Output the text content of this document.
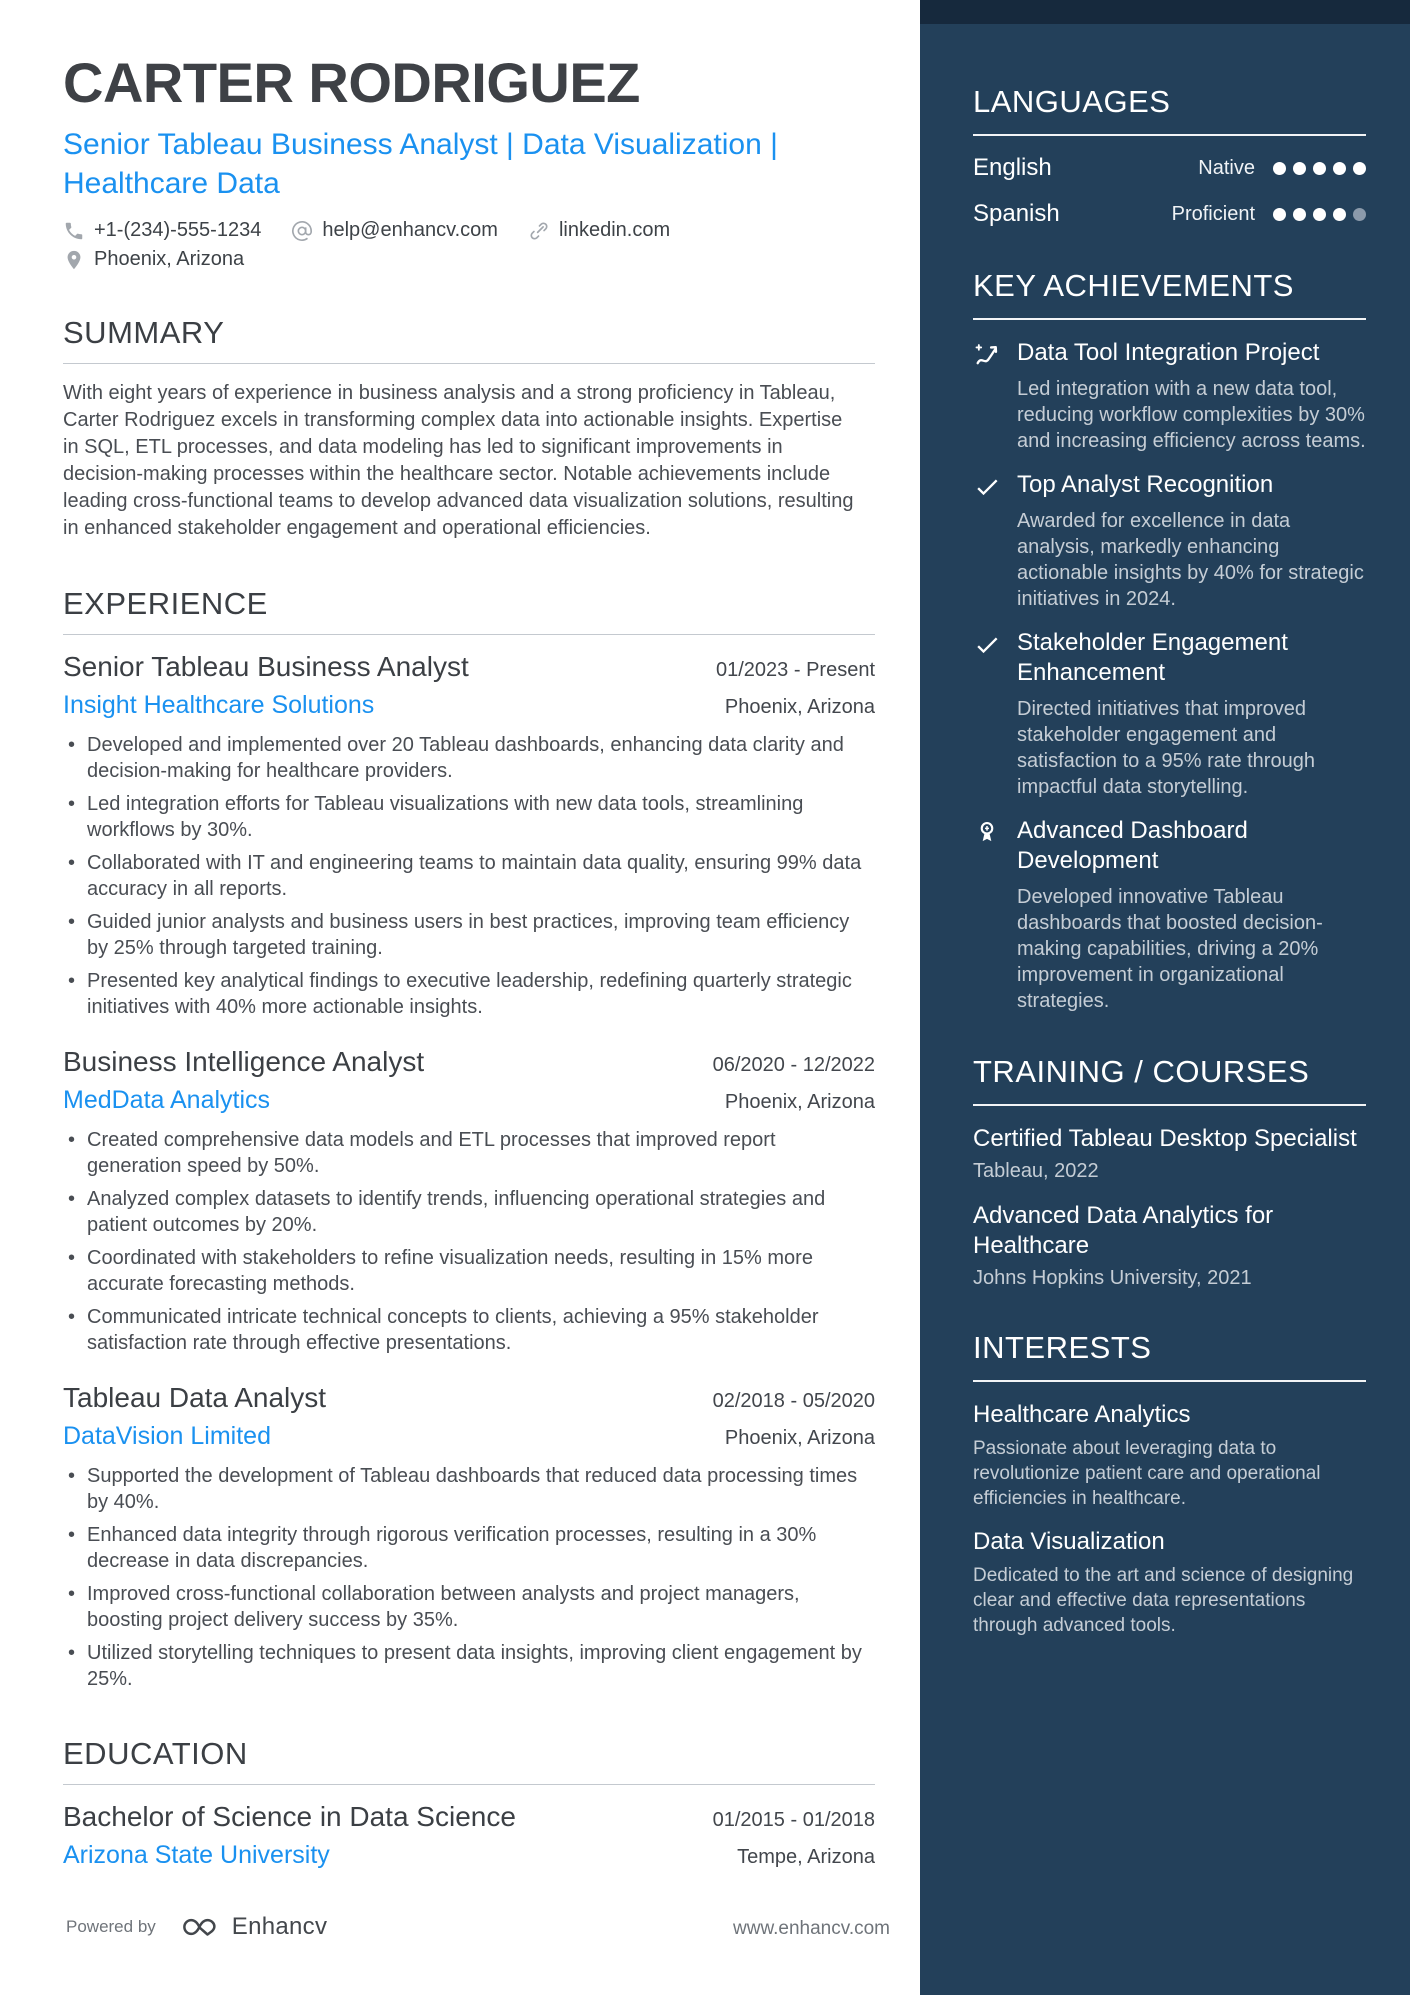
CARTER RODRIGUEZ
Senior Tableau Business Analyst | Data Visualization | Healthcare Data
+1-(234)-555-1234	help@enhancv.com	linkedin.com
Phoenix, Arizona
SUMMARY
With eight years of experience in business analysis and a strong proficiency in Tableau, Carter Rodriguez excels in transforming complex data into actionable insights. Expertise in SQL, ETL processes, and data modeling has led to significant improvements in decision-making processes within the healthcare sector. Notable achievements include leading cross-functional teams to develop advanced data visualization solutions, resulting in enhanced stakeholder engagement and operational efficiencies.
EXPERIENCE
Senior Tableau Business Analyst	01/2023 - Present
Insight Healthcare Solutions	Phoenix, Arizona
• Developed and implemented over 20 Tableau dashboards, enhancing data clarity and decision-making for healthcare providers.
• Led integration efforts for Tableau visualizations with new data tools, streamlining workflows by 30%.
• Collaborated with IT and engineering teams to maintain data quality, ensuring 99% data accuracy in all reports.
• Guided junior analysts and business users in best practices, improving team efficiency by 25% through targeted training.
• Presented key analytical findings to executive leadership, redefining quarterly strategic initiatives with 40% more actionable insights.
Business Intelligence Analyst	06/2020 - 12/2022
MedData Analytics	Phoenix, Arizona
• Created comprehensive data models and ETL processes that improved report generation speed by 50%.
• Analyzed complex datasets to identify trends, influencing operational strategies and patient outcomes by 20%.
• Coordinated with stakeholders to refine visualization needs, resulting in 15% more accurate forecasting methods.
• Communicated intricate technical concepts to clients, achieving a 95% stakeholder satisfaction rate through effective presentations.
Tableau Data Analyst	02/2018 - 05/2020
DataVision Limited	Phoenix, Arizona
• Supported the development of Tableau dashboards that reduced data processing times by 40%.
• Enhanced data integrity through rigorous verification processes, resulting in a 30% decrease in data discrepancies.
• Improved cross-functional collaboration between analysts and project managers, boosting project delivery success by 35%.
• Utilized storytelling techniques to present data insights, improving client engagement by 25%.
EDUCATION
Bachelor of Science in Data Science	01/2015 - 01/2018
Arizona State University	Tempe, Arizona
LANGUAGES
English	Native
Spanish	Proficient
KEY ACHIEVEMENTS
Data Tool Integration Project
Led integration with a new data tool, reducing workflow complexities by 30% and increasing efficiency across teams.
Top Analyst Recognition
Awarded for excellence in data analysis, markedly enhancing actionable insights by 40% for strategic initiatives in 2024.
Stakeholder Engagement Enhancement
Directed initiatives that improved stakeholder engagement and satisfaction to a 95% rate through impactful data storytelling.
Advanced Dashboard Development
Developed innovative Tableau dashboards that boosted decision-making capabilities, driving a 20% improvement in organizational strategies.
TRAINING / COURSES
Certified Tableau Desktop Specialist
Tableau, 2022
Advanced Data Analytics for Healthcare
Johns Hopkins University, 2021
INTERESTS
Healthcare Analytics
Passionate about leveraging data to revolutionize patient care and operational efficiencies in healthcare.
Data Visualization
Dedicated to the art and science of designing clear and effective data representations through advanced tools.
Powered by	Enhancv	www.enhancv.com
